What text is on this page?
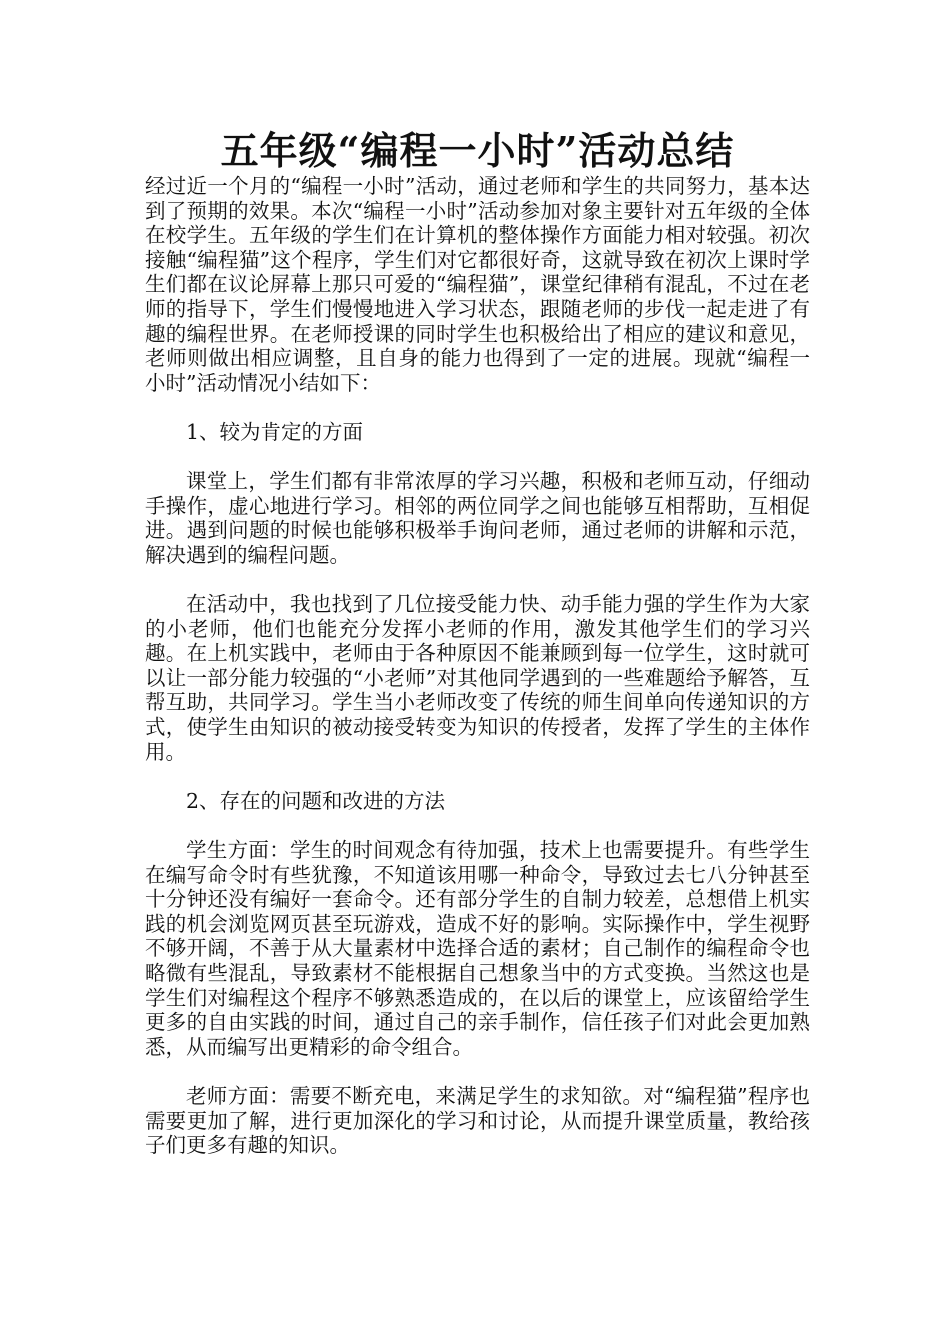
五年级“编程一小时”活动总结

经过近一个月的“编程一小时”活动，通过老师和学生的共同努力，基本达到了预期的效果。本次“编程一小时”活动参加对象主要针对五年级的全体在校学生。五年级的学生们在计算机的整体操作方面能力相对较强。初次接触“编程猫”这个程序，学生们对它都很好奇，这就导致在初次上课时学生们都在议论屏幕上那只可爱的“编程猫”，课堂纪律稍有混乱，不过在老师的指导下，学生们慢慢地进入学习状态，跟随老师的步伐一起走进了有趣的编程世界。在老师授课的同时学生也积极给出了相应的建议和意见，老师则做出相应调整，且自身的能力也得到了一定的进展。现就“编程一小时”活动情况小结如下：

1、较为肯定的方面

课堂上，学生们都有非常浓厚的学习兴趣，积极和老师互动，仔细动手操作，虚心地进行学习。相邻的两位同学之间也能够互相帮助，互相促进。遇到问题的时候也能够积极举手询问老师，通过老师的讲解和示范，解决遇到的编程问题。

在活动中，我也找到了几位接受能力快、动手能力强的学生作为大家的小老师，他们也能充分发挥小老师的作用，激发其他学生们的学习兴趣。在上机实践中，老师由于各种原因不能兼顾到每一位学生，这时就可以让一部分能力较强的“小老师”对其他同学遇到的一些难题给予解答，互帮互助，共同学习。学生当小老师改变了传统的师生间单向传递知识的方式，使学生由知识的被动接受转变为知识的传授者，发挥了学生的主体作用。

2、存在的问题和改进的方法

学生方面：学生的时间观念有待加强，技术上也需要提升。有些学生在编写命令时有些犹豫，不知道该用哪一种命令，导致过去七八分钟甚至十分钟还没有编好一套命令。还有部分学生的自制力较差，总想借上机实践的机会浏览网页甚至玩游戏，造成不好的影响。实际操作中，学生视野不够开阔，不善于从大量素材中选择合适的素材；自己制作的编程命令也略微有些混乱，导致素材不能根据自己想象当中的方式变换。当然这也是学生们对编程这个程序不够熟悉造成的，在以后的课堂上，应该留给学生更多的自由实践的时间，通过自己的亲手制作，信任孩子们对此会更加熟悉，从而编写出更精彩的命令组合。

老师方面：需要不断充电，来满足学生的求知欲。对“编程猫”程序也需要更加了解，进行更加深化的学习和讨论，从而提升课堂质量，教给孩子们更多有趣的知识。
